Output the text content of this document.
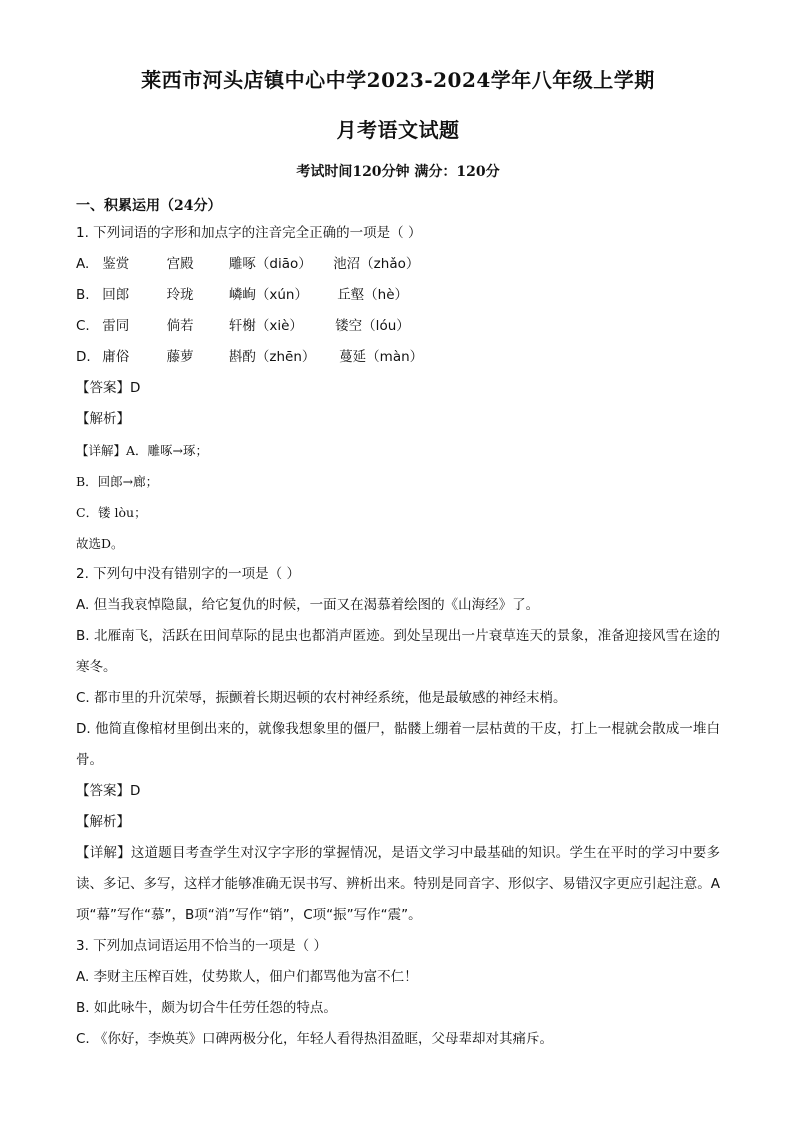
莱西市河头店镇中心中学2023-2024学年八年级上学期
月考语文试题
考试时间120分钟 满分：120分
一、积累运用（24分）

1. 下列词语的字形和加点字的注音完全正确的一项是（ ）

A. 鉴赏	宫殿	雕啄（diāo） 池沼（zhǎo）

B. 回郎	玲珑	嶙峋（xún） 丘壑（hè）

C. 雷同	倘若	轩榭（xiè） 镂空（lóu）

D. 庸俗	藤萝	斟酌（zhēn） 蔓延（màn）

【答案】D

【解析】

【详解】A．雕啄→琢；

B．回郎→廊；

C．镂 lòu；

故选D。

2. 下列句中没有错别字的一项是（ ）

A. 但当我哀悼隐鼠，给它复仇的时候，一面又在渴慕着绘图的《山海经》了。

B. 北雁南飞，活跃在田间草际的昆虫也都消声匿迹。到处呈现出一片衰草连天的景象，准备迎接风雪在途的寒冬。

C. 都市里的升沉荣辱，振颤着长期迟顿的农村神经系统，他是最敏感的神经末梢。

D. 他简直像棺材里倒出来的，就像我想象里的僵尸，骷髅上绷着一层枯黄的干皮，打上一棍就会散成一堆白骨。

【答案】D

【解析】

【详解】这道题目考查学生对汉字字形的掌握情况，是语文学习中最基础的知识。学生在平时的学习中要多读、多记、多写，这样才能够准确无误书写、辨析出来。特别是同音字、形似字、易错汉字更应引起注意。A项“幕”写作“慕”，B项“消”写作“销”，C项“振”写作“震”。

3. 下列加点词语运用不恰当的一项是（ ）

A. 李财主压榨百姓，仗势欺人，佃户们都骂他为富不仁！

B. 如此咏牛，颇为切合牛任劳任怨的特点。

C. 《你好，李焕英》口碑两极分化，年轻人看得热泪盈眶，父母辈却对其痛斥。
